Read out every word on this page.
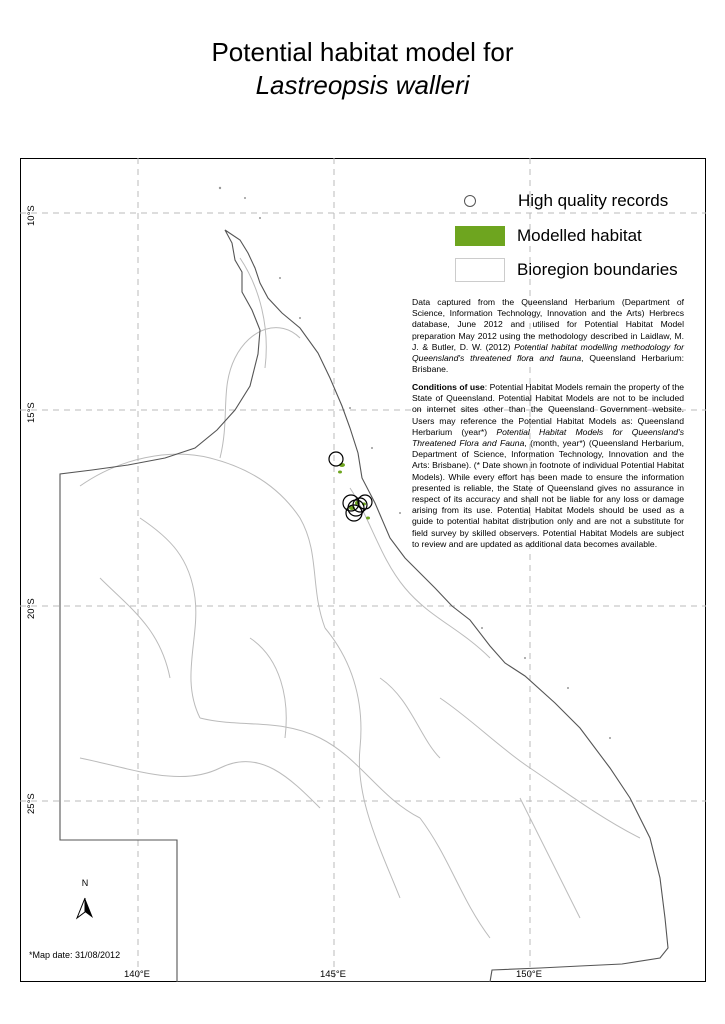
Potential habitat model for
Lastreopsis walleri
High quality records
Modelled habitat
Bioregion boundaries
Data captured from the Queensland Herbarium (Department of Science, Information Technology, Innovation and the Arts) Herbrecs database, June 2012 and utilised for Potential Habitat Model preparation May 2012 using the methodology described in Laidlaw, M. J. & Butler, D. W. (2012) Potential habitat modelling methodology for Queensland's threatened flora and fauna, Queensland Herbarium: Brisbane.
Conditions of use: Potential Habitat Models remain the property of the State of Queensland. Potential Habitat Models are not to be included on internet sites other than the Queensland Government website. Users may reference the Potential Habitat Models as: Queensland Herbarium (year*) Potential Habitat Models for Queensland's Threatened Flora and Fauna, (month, year*) (Queensland Herbarium, Department of Science, Information Technology, Innovation and the Arts: Brisbane). (* Date shown in footnote of individual Potential Habitat Models). While every effort has been made to ensure the information presented is reliable, the State of Queensland gives no assurance in respect of its accuracy and shall not be liable for any loss or damage arising from its use. Potential Habitat Models should be used as a guide to potential habitat distribution only and are not a substitute for field survey by skilled observers. Potential Habitat Models are subject to review and are updated as additional data becomes available.
N
*Map date: 31/08/2012
10°S
15°S
20°S
25°S
140°E	145°E	150°E
